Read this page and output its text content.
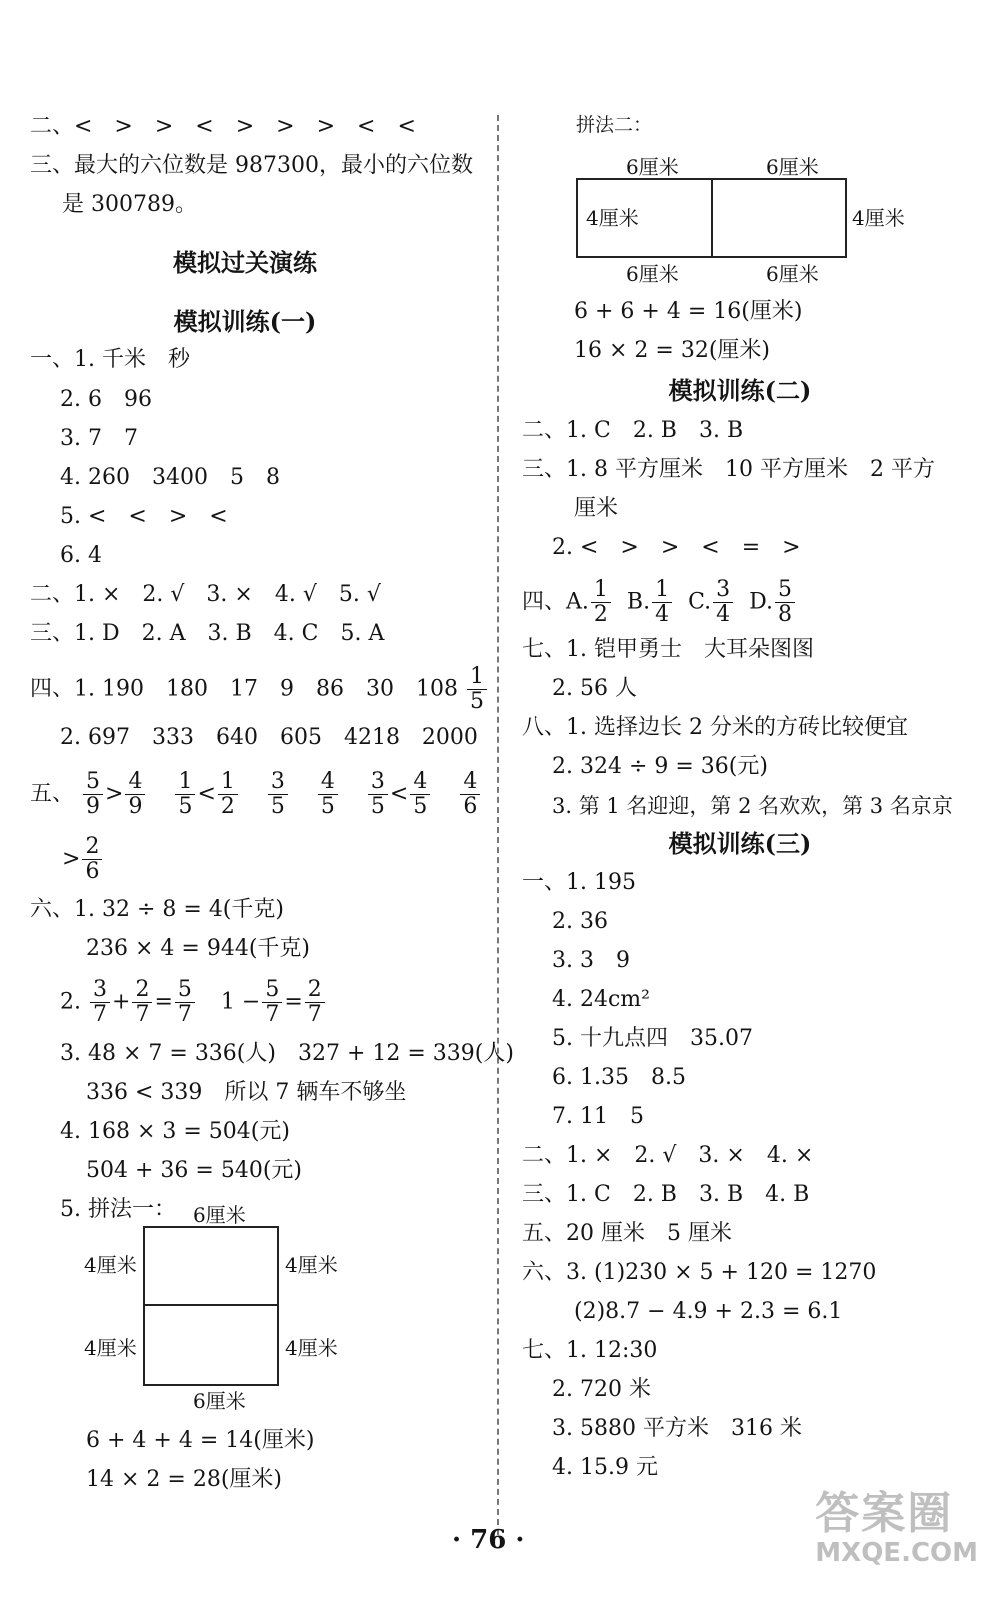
二、<　>　>　<　>　>　>　<　<
三、最大的六位数是 987300，最小的六位数
是 300789。
模拟过关演练
模拟训练(一)
一、1. 千米　秒
2. 6　96
3. 7　7
4. 260　3400　5　8
5. <　<　>　<
6. 4
二、1. ×　2. √　3. ×　4. √　5. √
三、1. D　2. A　3. B　4. C　5. A
四、1. 190　180　17　9　86　30　$108 \frac{1}{5}$
2. 697　333　640　605　4218　2000
五、 $\frac{5}{9} > \frac{4}{9} \frac{1}{5} < \frac{1}{2} \frac{3}{5} \frac{4}{5} \frac{3}{5} < \frac{4}{5} \frac{4}{6}$
> $\frac{2}{6}$
六、1. 32 ÷ 8 = 4(千克)
236 × 4 = 944(千克)
2. $\frac{3}{7} + \frac{2}{7} = \frac{5}{7} 1 - \frac{5}{7} = \frac{2}{7}$
3. 48 × 7 = 336(人)　327 + 12 = 339(人)
336 < 339　所以 7 辆车不够坐
4. 168 × 3 = 504(元)
504 + 36 = 540(元)
5. 拼法一： 6厘米
4厘米	4厘米
4厘米	4厘米
6厘米
6 + 4 + 4 = 14(厘米)
14 × 2 = 28(厘米)
拼法二：
6厘米	6厘米
4厘米	4厘米
6厘米	6厘米
6 + 6 + 4 = 16(厘米)
16 × 2 = 32(厘米)
模拟训练(二)
二、1. C　2. B　3. B
三、1. 8 平方厘米　10 平方厘米　2 平方
厘米
2. <　>　>　<　=　>
四、A. $\frac{1}{2} B$. $\frac{1}{4} C$. $\frac{3}{4} D$. $\frac{5}{8}$
七、1. 铠甲勇士　大耳朵图图
2. 56 人
八、1. 选择边长 2 分米的方砖比较便宜
2. 324 ÷ 9 = 36(元)
3. 第 1 名迎迎，第 2 名欢欢，第 3 名京京
模拟训练(三)
一、1. 195
2. 36
3. 3　9
4. 24cm²
5. 十九点四　35.07
6. 1.35　8.5
7. 11　5
二、1. ×　2. √　3. ×　4. ×
三、1. C　2. B　3. B　4. B
五、20 厘米　5 厘米
六、3. (1)230 × 5 + 120 = 1270
(2)8.7 − 4.9 + 2.3 = 6.1
七、1. 12:30
2. 720 米
3. 5880 平方米　316 米
4. 15.9 元
· 76 ·
答案圈
MXQE.COM
